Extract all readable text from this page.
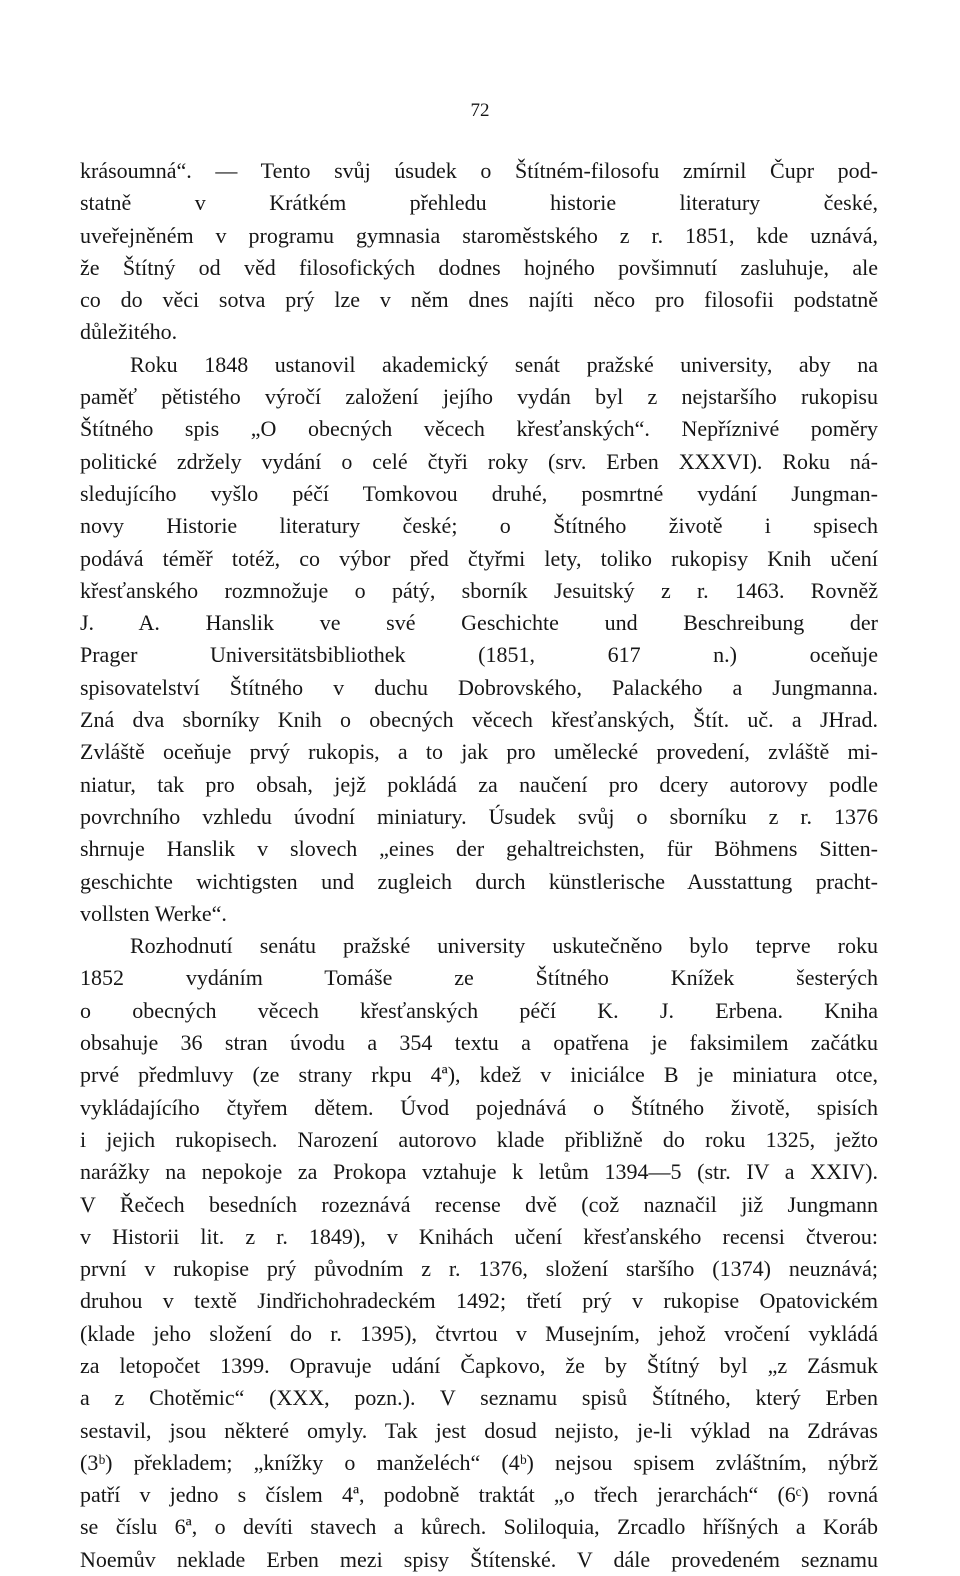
72
krásoumná“. — Tento svůj úsudek o Štítném-filosofu zmírnil Čupr pod-
statně v Krátkém přehledu historie literatury české,
uveřejněném v programu gymnasia staroměstského z r. 1851, kde uznává,
že Štítný od věd filosofických dodnes hojného povšimnutí zasluhuje, ale
co do věci sotva prý lze v něm dnes najíti něco pro filosofii podstatně
důležitého.
Roku 1848 ustanovil akademický senát pražské university, aby na
paměť pětistého výročí založení jejího vydán byl z nejstaršího rukopisu
Štítného spis „O obecných věcech křesťanských“. Nepříznivé poměry
politické zdržely vydání o celé čtyři roky (srv. Erben XXXVI). Roku ná-
sledujícího vyšlo péčí Tomkovou druhé, posmrtné vydání Jungman-
novy Historie literatury české; o Štítného životě i spisech
podává téměř totéž, co výbor před čtyřmi lety, toliko rukopisy Knih učení
křesťanského rozmnožuje o pátý, sborník Jesuitský z r. 1463. Rovněž
J. A. Hanslik ve své Geschichte und Beschreibung der
Prager Universitätsbibliothek (1851, 617 n.) oceňuje
spisovatelství Štítného v duchu Dobrovského, Palackého a Jungmanna.
Zná dva sborníky Knih o obecných věcech křesťanských, Štít. uč. a JHrad.
Zvláště oceňuje prvý rukopis, a to jak pro umělecké provedení, zvláště mi-
niatur, tak pro obsah, jejž pokládá za naučení pro dcery autorovy podle
povrchního vzhledu úvodní miniatury. Úsudek svůj o sborníku z r. 1376
shrnuje Hanslik v slovech „eines der gehaltreichsten, für Böhmens Sitten-
geschichte wichtigsten und zugleich durch künstlerische Ausstattung pracht-
vollsten Werke“.
Rozhodnutí senátu pražské university uskutečněno bylo teprve roku
1852 vydáním Tomáše ze Štítného Knížek šesterých
o obecných věcech křesťanských péčí K. J. Erbena. Kniha
obsahuje 36 stran úvodu a 354 textu a opatřena je faksimilem začátku
prvé předmluvy (ze strany rkpu 4ª), kdež v iniciálce B je miniatura otce,
vykládajícího čtyřem dětem. Úvod pojednává o Štítného životě, spisích
i jejich rukopisech. Narození autorovo klade přibližně do roku 1325, ježto
narážky na nepokoje za Prokopa vztahuje k letům 1394—5 (str. IV a XXIV).
V Řečech besedních rozeznává recense dvě (což naznačil již Jungmann
v Historii lit. z r. 1849), v Knihách učení křesťanského recensi čtverou:
první v rukopise prý původním z r. 1376, složení staršího (1374) neuznává;
druhou v textě Jindřichohradeckém 1492; třetí prý v rukopise Opatovickém
(klade jeho složení do r. 1395), čtvrtou v Musejním, jehož vročení vykládá
za letopočet 1399. Opravuje udání Čapkovo, že by Štítný byl „z Zásmuk
a z Chotěmic“ (XXX, pozn.). V seznamu spisů Štítného, který Erben
sestavil, jsou některé omyly. Tak jest dosud nejisto, je-li výklad na Zdrávas
(3ᵇ) překladem; „knížky o manželéch“ (4ᵇ) nejsou spisem zvláštním, nýbrž
patří v jedno s číslem 4ª, podobně traktát „o třech jerarchách“ (6ᶜ) rovná
se číslu 6ª, o devíti stavech a kůrech. Soliloquia, Zrcadlo hříšných a Koráb
Noemův neklade Erben mezi spisy Štítenské. V dále provedeném seznamu
